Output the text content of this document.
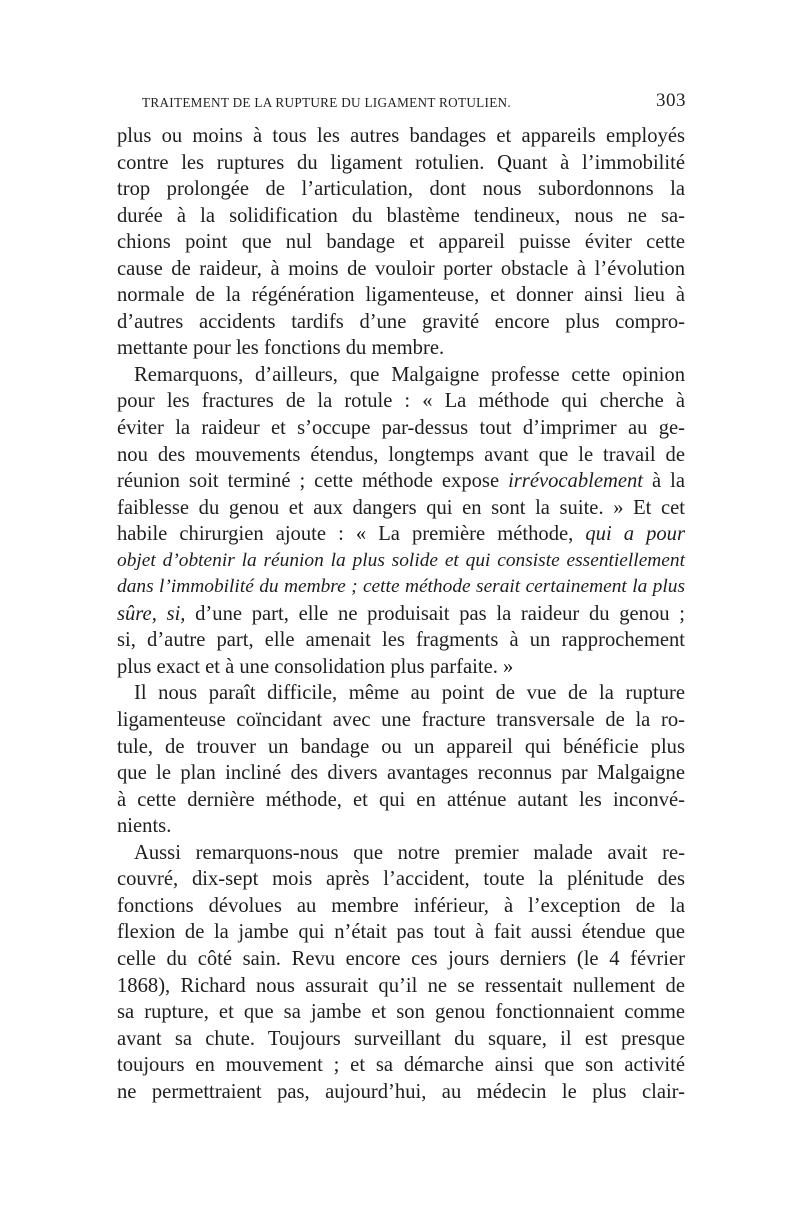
TRAITEMENT DE LA RUPTURE DU LIGAMENT ROTULIEN.	303
plus ou moins à tous les autres bandages et appareils employés
contre les ruptures du ligament rotulien. Quant à l’immobilité
trop prolongée de l’articulation, dont nous subordonnons la
durée à la solidification du blastème tendineux, nous ne sa-
chions point que nul bandage et appareil puisse éviter cette
cause de raideur, à moins de vouloir porter obstacle à l’évolution
normale de la régénération ligamenteuse, et donner ainsi lieu à
d’autres accidents tardifs d’une gravité encore plus compro-
mettante pour les fonctions du membre.
Remarquons, d’ailleurs, que Malgaigne professe cette opinion
pour les fractures de la rotule : « La méthode qui cherche à
éviter la raideur et s’occupe par-dessus tout d’imprimer au ge-
nou des mouvements étendus, longtemps avant que le travail de
réunion soit terminé ; cette méthode expose irrévocablement à la
faiblesse du genou et aux dangers qui en sont la suite. » Et cet
habile chirurgien ajoute : « La première méthode, qui a pour
objet d’obtenir la réunion la plus solide et qui consiste essentiellement
dans l’immobilité du membre ; cette méthode serait certainement la plus
sûre, si, d’une part, elle ne produisait pas la raideur du genou ;
si, d’autre part, elle amenait les fragments à un rapprochement
plus exact et à une consolidation plus parfaite. »
Il nous paraît difficile, même au point de vue de la rupture
ligamenteuse coïncidant avec une fracture transversale de la ro-
tule, de trouver un bandage ou un appareil qui bénéficie plus
que le plan incliné des divers avantages reconnus par Malgaigne
à cette dernière méthode, et qui en atténue autant les inconvé-
nients.
Aussi remarquons-nous que notre premier malade avait re-
couvré, dix-sept mois après l’accident, toute la plénitude des
fonctions dévolues au membre inférieur, à l’exception de la
flexion de la jambe qui n’était pas tout à fait aussi étendue que
celle du côté sain. Revu encore ces jours derniers (le 4 février
1868), Richard nous assurait qu’il ne se ressentait nullement de
sa rupture, et que sa jambe et son genou fonctionnaient comme
avant sa chute. Toujours surveillant du square, il est presque
toujours en mouvement ; et sa démarche ainsi que son activité
ne permettraient pas, aujourd’hui, au médecin le plus clair-
